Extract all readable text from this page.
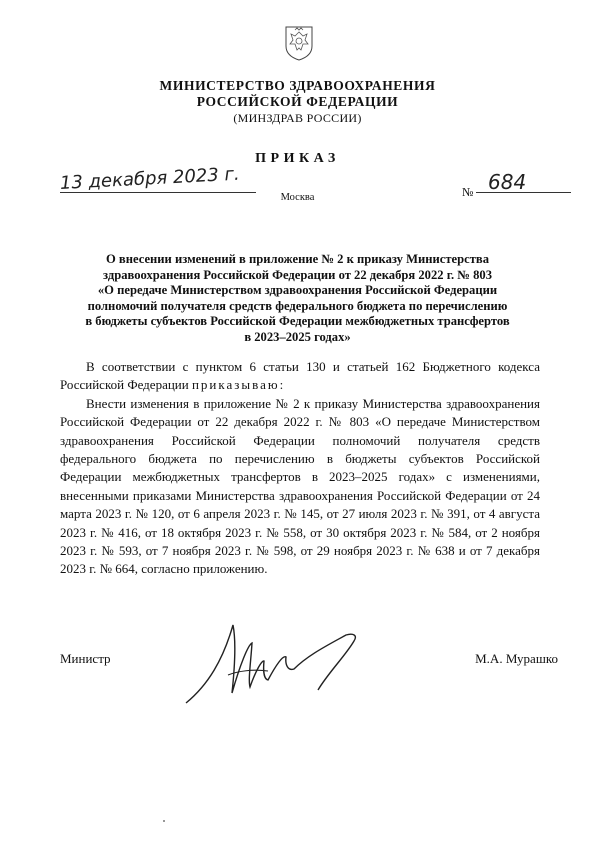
МИНИСТЕРСТВО ЗДРАВООХРАНЕНИЯ
РОССИЙСКОЙ ФЕДЕРАЦИИ
(МИНЗДРАВ РОССИИ)
ПРИКАЗ
13 декабря 2023 г.
Москва	№ 684
О внесении изменений в приложение № 2 к приказу Министерства
здравоохранения Российской Федерации от 22 декабря 2022 г. № 803
«О передаче Министерством здравоохранения Российской Федерации
полномочий получателя средств федерального бюджета по перечислению
в бюджеты субъектов Российской Федерации межбюджетных трансфертов
в 2023–2025 годах»

В соответствии с пунктом 6 статьи 130 и статьей 162 Бюджетного кодекса Российской Федерации приказываю:

Внести изменения в приложение № 2 к приказу Министерства здравоохранения Российской Федерации от 22 декабря 2022 г. № 803 «О передаче Министерством здравоохранения Российской Федерации полномочий получателя средств федерального бюджета по перечислению в бюджеты субъектов Российской Федерации межбюджетных трансфертов в 2023–2025 годах» с изменениями, внесенными приказами Министерства здравоохранения Российской Федерации от 24 марта 2023 г. № 120, от 6 апреля 2023 г. № 145, от 27 июля 2023 г. № 391, от 4 августа 2023 г. № 416, от 18 октября 2023 г. № 558, от 30 октября 2023 г. № 584, от 2 ноября 2023 г. № 593, от 7 ноября 2023 г. № 598, от 29 ноября 2023 г. № 638 и от 7 декабря 2023 г. № 664, согласно приложению.

Министр	М.А. Мурашко
